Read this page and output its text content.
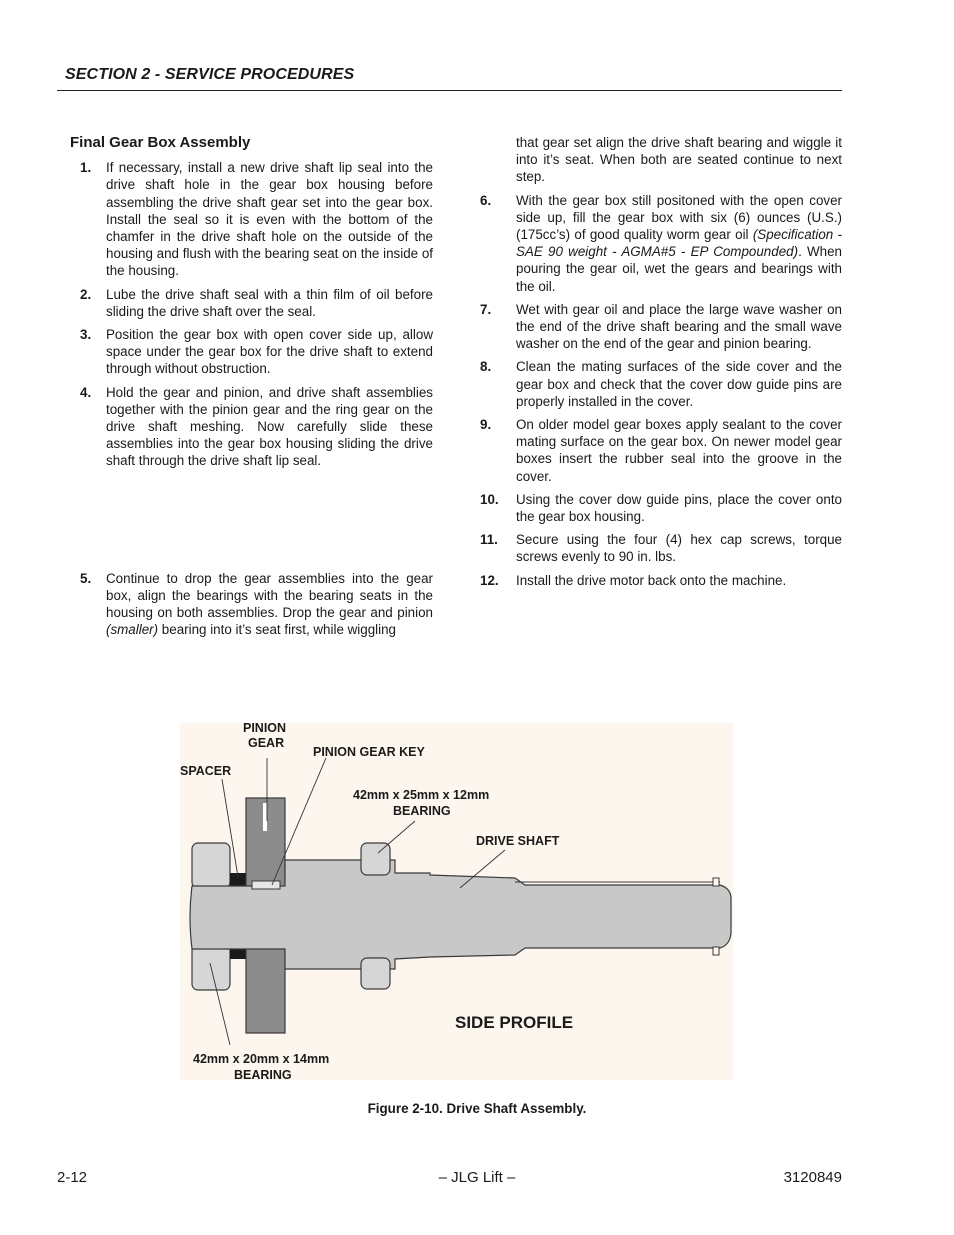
SECTION 2 - SERVICE PROCEDURES
Final Gear Box Assembly
1. If necessary, install a new drive shaft lip seal into the drive shaft hole in the gear box housing before assembling the drive shaft gear set into the gear box. Install the seal so it is even with the bottom of the chamfer in the drive shaft hole on the outside of the housing and flush with the bearing seat on the inside of the housing.
2. Lube the drive shaft seal with a thin film of oil before sliding the drive shaft over the seal.
3. Position the gear box with open cover side up, allow space under the gear box for the drive shaft to extend through without obstruction.
4. Hold the gear and pinion, and drive shaft assemblies together with the pinion gear and the ring gear on the drive shaft meshing. Now carefully slide these assemblies into the gear box housing sliding the drive shaft through the drive shaft lip seal.
5. Continue to drop the gear assemblies into the gear box, align the bearings with the bearing seats in the housing on both assemblies. Drop the gear and pinion (smaller) bearing into it’s seat first, while wiggling
that gear set align the drive shaft bearing and wiggle it into it’s seat. When both are seated continue to next step.
6. With the gear box still positoned with the open cover side up, fill the gear box with six (6) ounces (U.S.) (175cc’s) of good quality worm gear oil (Specification - SAE 90 weight - AGMA#5 - EP Compounded). When pouring the gear oil, wet the gears and bearings with the oil.
7. Wet with gear oil and place the large wave washer on the end of the drive shaft bearing and the small wave washer on the end of the gear and pinion bearing.
8. Clean the mating surfaces of the side cover and the gear box and check that the cover dow guide pins are properly installed in the cover.
9. On older model gear boxes apply sealant to the cover mating surface on the gear box. On newer model gear boxes insert the rubber seal into the groove in the cover.
10. Using the cover dow guide pins, place the cover onto the gear box housing.
11. Secure using the four (4) hex cap screws, torque screws evenly to 90 in. lbs.
12. Install the drive motor back onto the machine.
PINION
GEAR
PINION GEAR KEY
SPACER
42mm x 25mm x 12mm
BEARING
DRIVE SHAFT
SIDE PROFILE
42mm x 20mm x 14mm
BEARING
Figure 2-10. Drive Shaft Assembly.
2-12	– JLG Lift –	3120849
